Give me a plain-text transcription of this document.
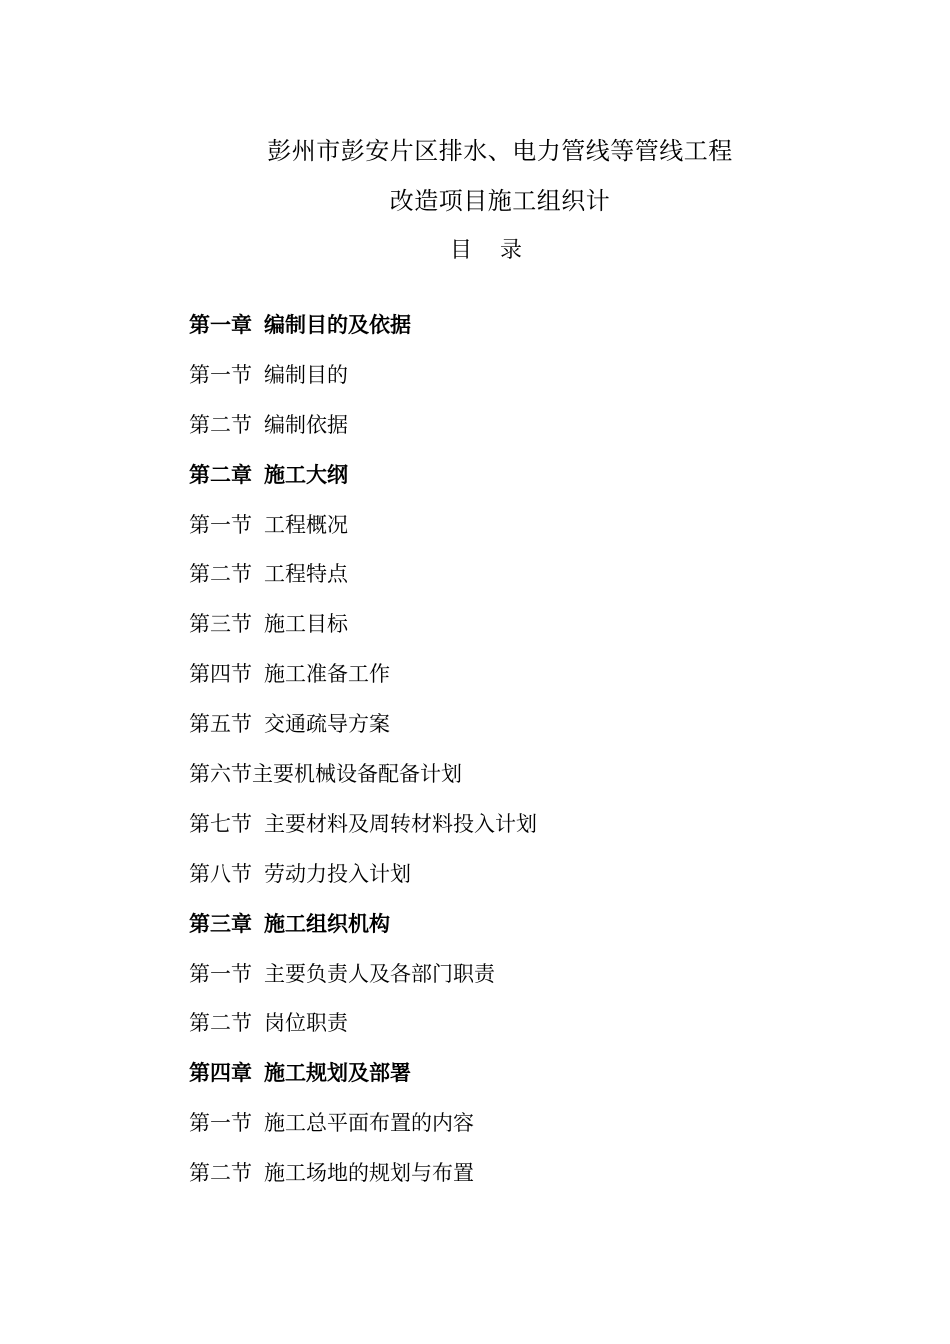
彭州市彭安片区排水、电力管线等管线工程
改造项目施工组织计
目录
第一章 编制目的及依据
第一节 编制目的
第二节 编制依据
第二章 施工大纲
第一节 工程概况
第二节 工程特点
第三节 施工目标
第四节 施工准备工作
第五节 交通疏导方案
第六节主要机械设备配备计划
第七节 主要材料及周转材料投入计划
第八节 劳动力投入计划
第三章 施工组织机构
第一节 主要负责人及各部门职责
第二节 岗位职责
第四章 施工规划及部署
第一节 施工总平面布置的内容
第二节 施工场地的规划与布置
